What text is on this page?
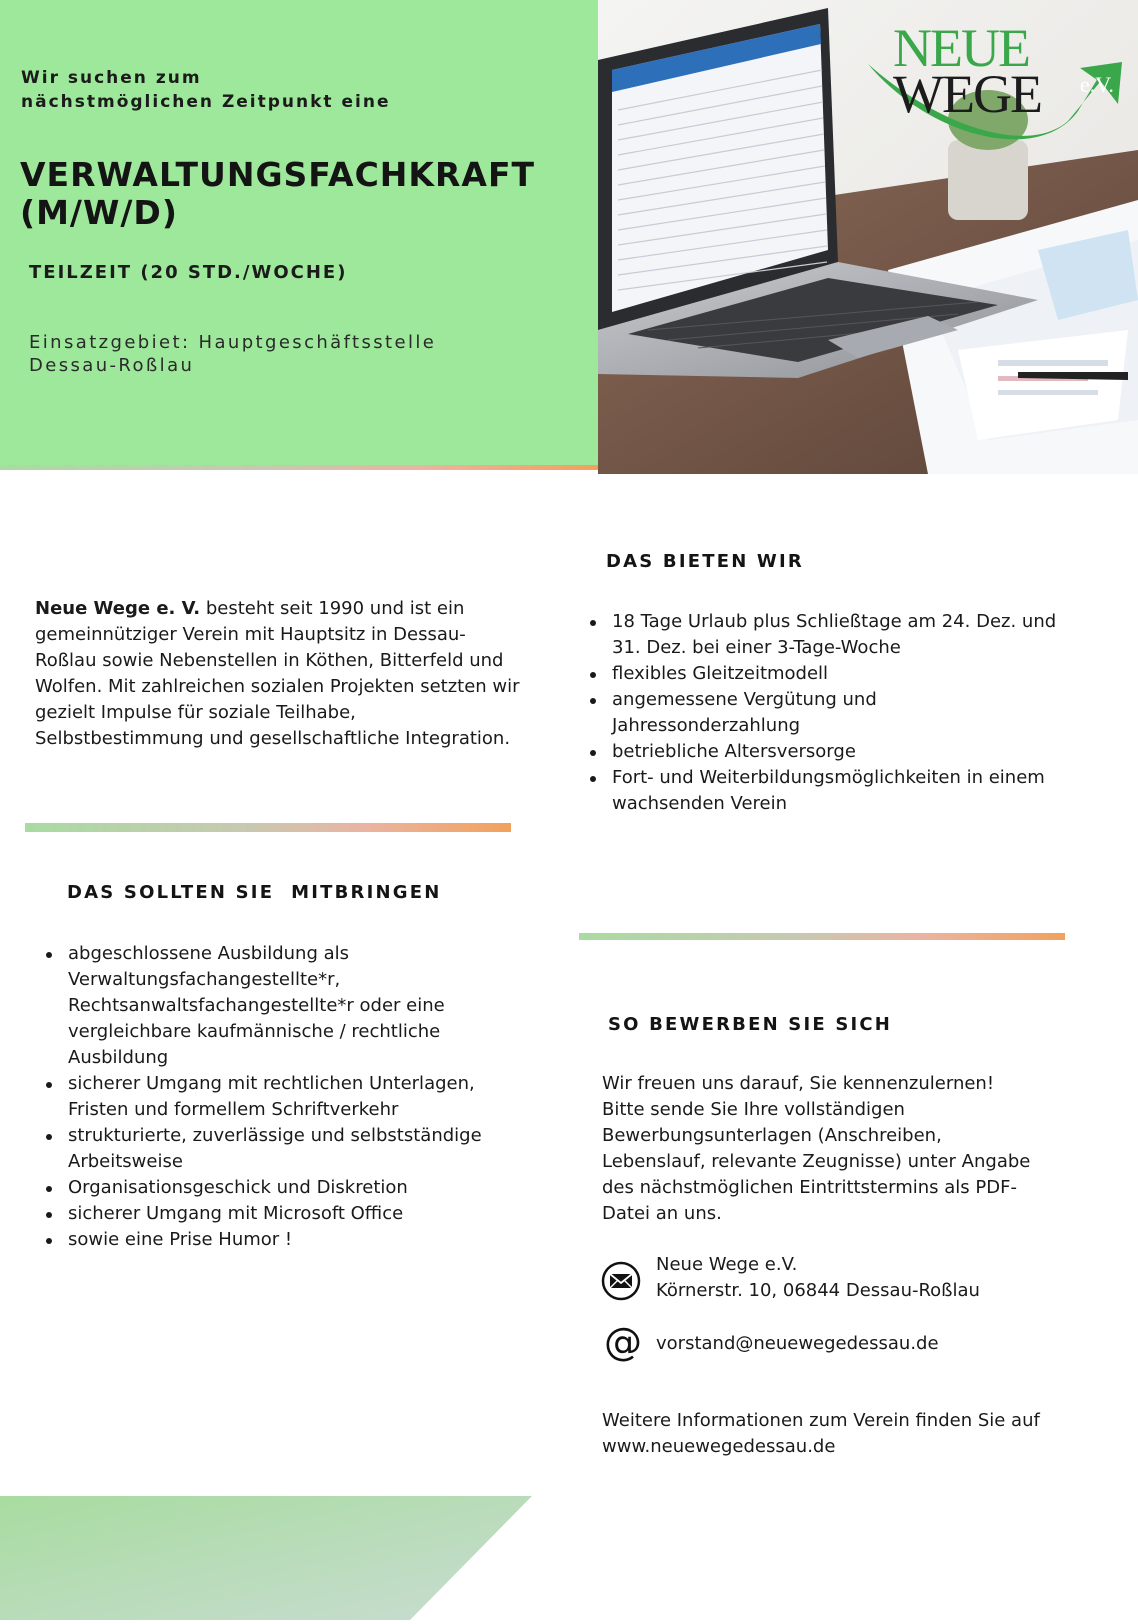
Wir suchen zum
nächstmöglichen Zeitpunkt eine
VERWALTUNGSFACHKRAFT
(M/W/D)
TEILZEIT (20 STD./WOCHE)
Einsatzgebiet: Hauptgeschäftsstelle
Dessau-Roßlau
NEUE
WEGE e.V.
Neue Wege e. V. besteht seit 1990 und ist ein gemeinnütziger Verein mit Hauptsitz in Dessau-Roßlau sowie Nebenstellen in Köthen, Bitterfeld und Wolfen. Mit zahlreichen sozialen Projekten setzten wir gezielt Impulse für soziale Teilhabe, Selbstbestimmung und gesellschaftliche Integration.
DAS BIETEN WIR
18 Tage Urlaub plus Schließtage am 24. Dez. und 31. Dez. bei einer 3-Tage-Woche
flexibles Gleitzeitmodell
angemessene Vergütung und Jahressonderzahlung
betriebliche Altersversorge
Fort- und Weiterbildungsmöglichkeiten in einem wachsenden Verein
DAS SOLLTEN SIE  MITBRINGEN
abgeschlossene Ausbildung als Verwaltungsfachangestellte*r, Rechtsanwaltsfachangestellte*r oder eine vergleichbare kaufmännische / rechtliche Ausbildung
sicherer Umgang mit rechtlichen Unterlagen, Fristen und formellem Schriftverkehr
strukturierte, zuverlässige und selbstständige Arbeitsweise
Organisationsgeschick und Diskretion
sicherer Umgang mit Microsoft Office
sowie eine Prise Humor !
SO BEWERBEN SIE SICH
Wir freuen uns darauf, Sie kennenzulernen!
Bitte sende Sie Ihre vollständigen Bewerbungsunterlagen (Anschreiben, Lebenslauf, relevante Zeugnisse) unter Angabe des nächstmöglichen Eintrittstermins als PDF-Datei an uns.
Neue Wege e.V.
Körnerstr. 10, 06844 Dessau-Roßlau
@ vorstand@neuewegedessau.de
Weitere Informationen zum Verein finden Sie auf
www.neuewegedessau.de
